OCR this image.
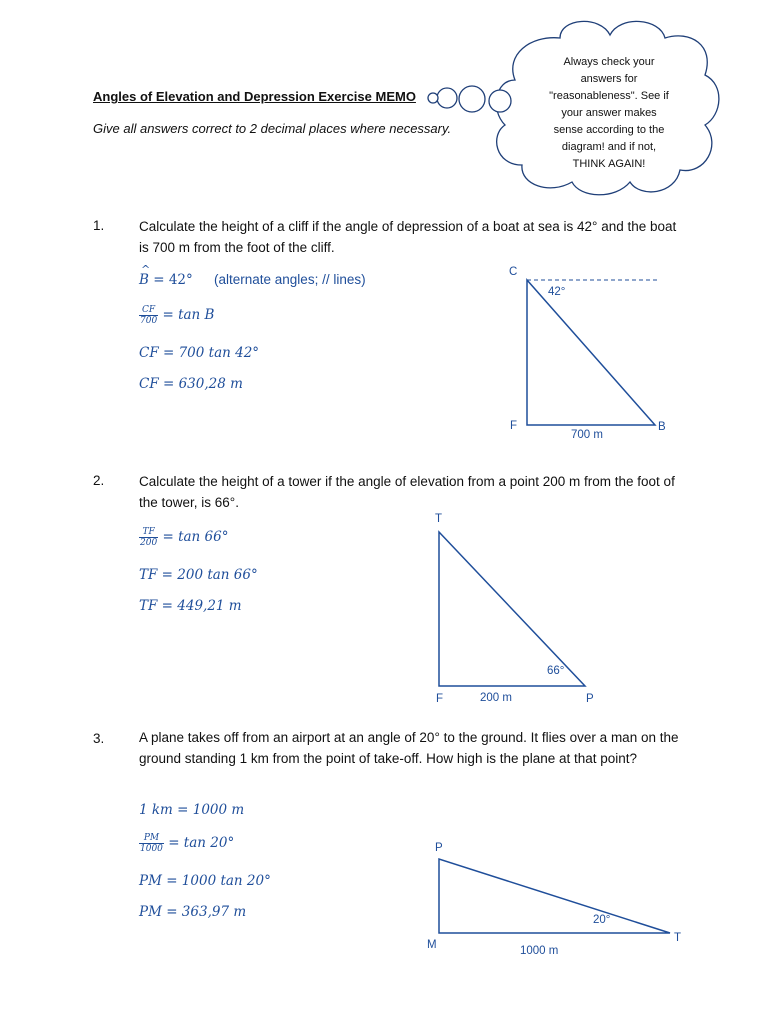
Angles of Elevation and Depression Exercise MEMO
Give all answers correct to 2 decimal places where necessary.
Always check your
answers for
"reasonableness". See if
your answer makes
sense according to the
diagram! and if not,
THINK AGAIN!
1.	Calculate the height of a cliff if the angle of depression of a boat at sea is 42° and the boat is 700 m from the foot of the cliff.
^ B = 42° (alternate angles; // lines)
$\frac{CF}{700} = \tan B$
CF = 700 tan 42°
CF = 630,28 m
C
42°
F	B
700 m
2.	Calculate the height of a tower if the angle of elevation from a point 200 m from the foot of the tower, is 66°.
$\frac{TF}{200} = \tan 66^\circ$
TF = 200 tan 66°
TF = 449,21 m
T
66°
F	200 m	P
3.	A plane takes off from an airport at an angle of 20° to the ground. It flies over a man on the ground standing 1 km from the point of take-off. How high is the plane at that point?
1 km = 1000 m
$\frac{PM}{1000} = \tan 20^\circ$
PM = 1000 tan 20°
PM = 363,97 m
P
20°
T
M	1000 m
